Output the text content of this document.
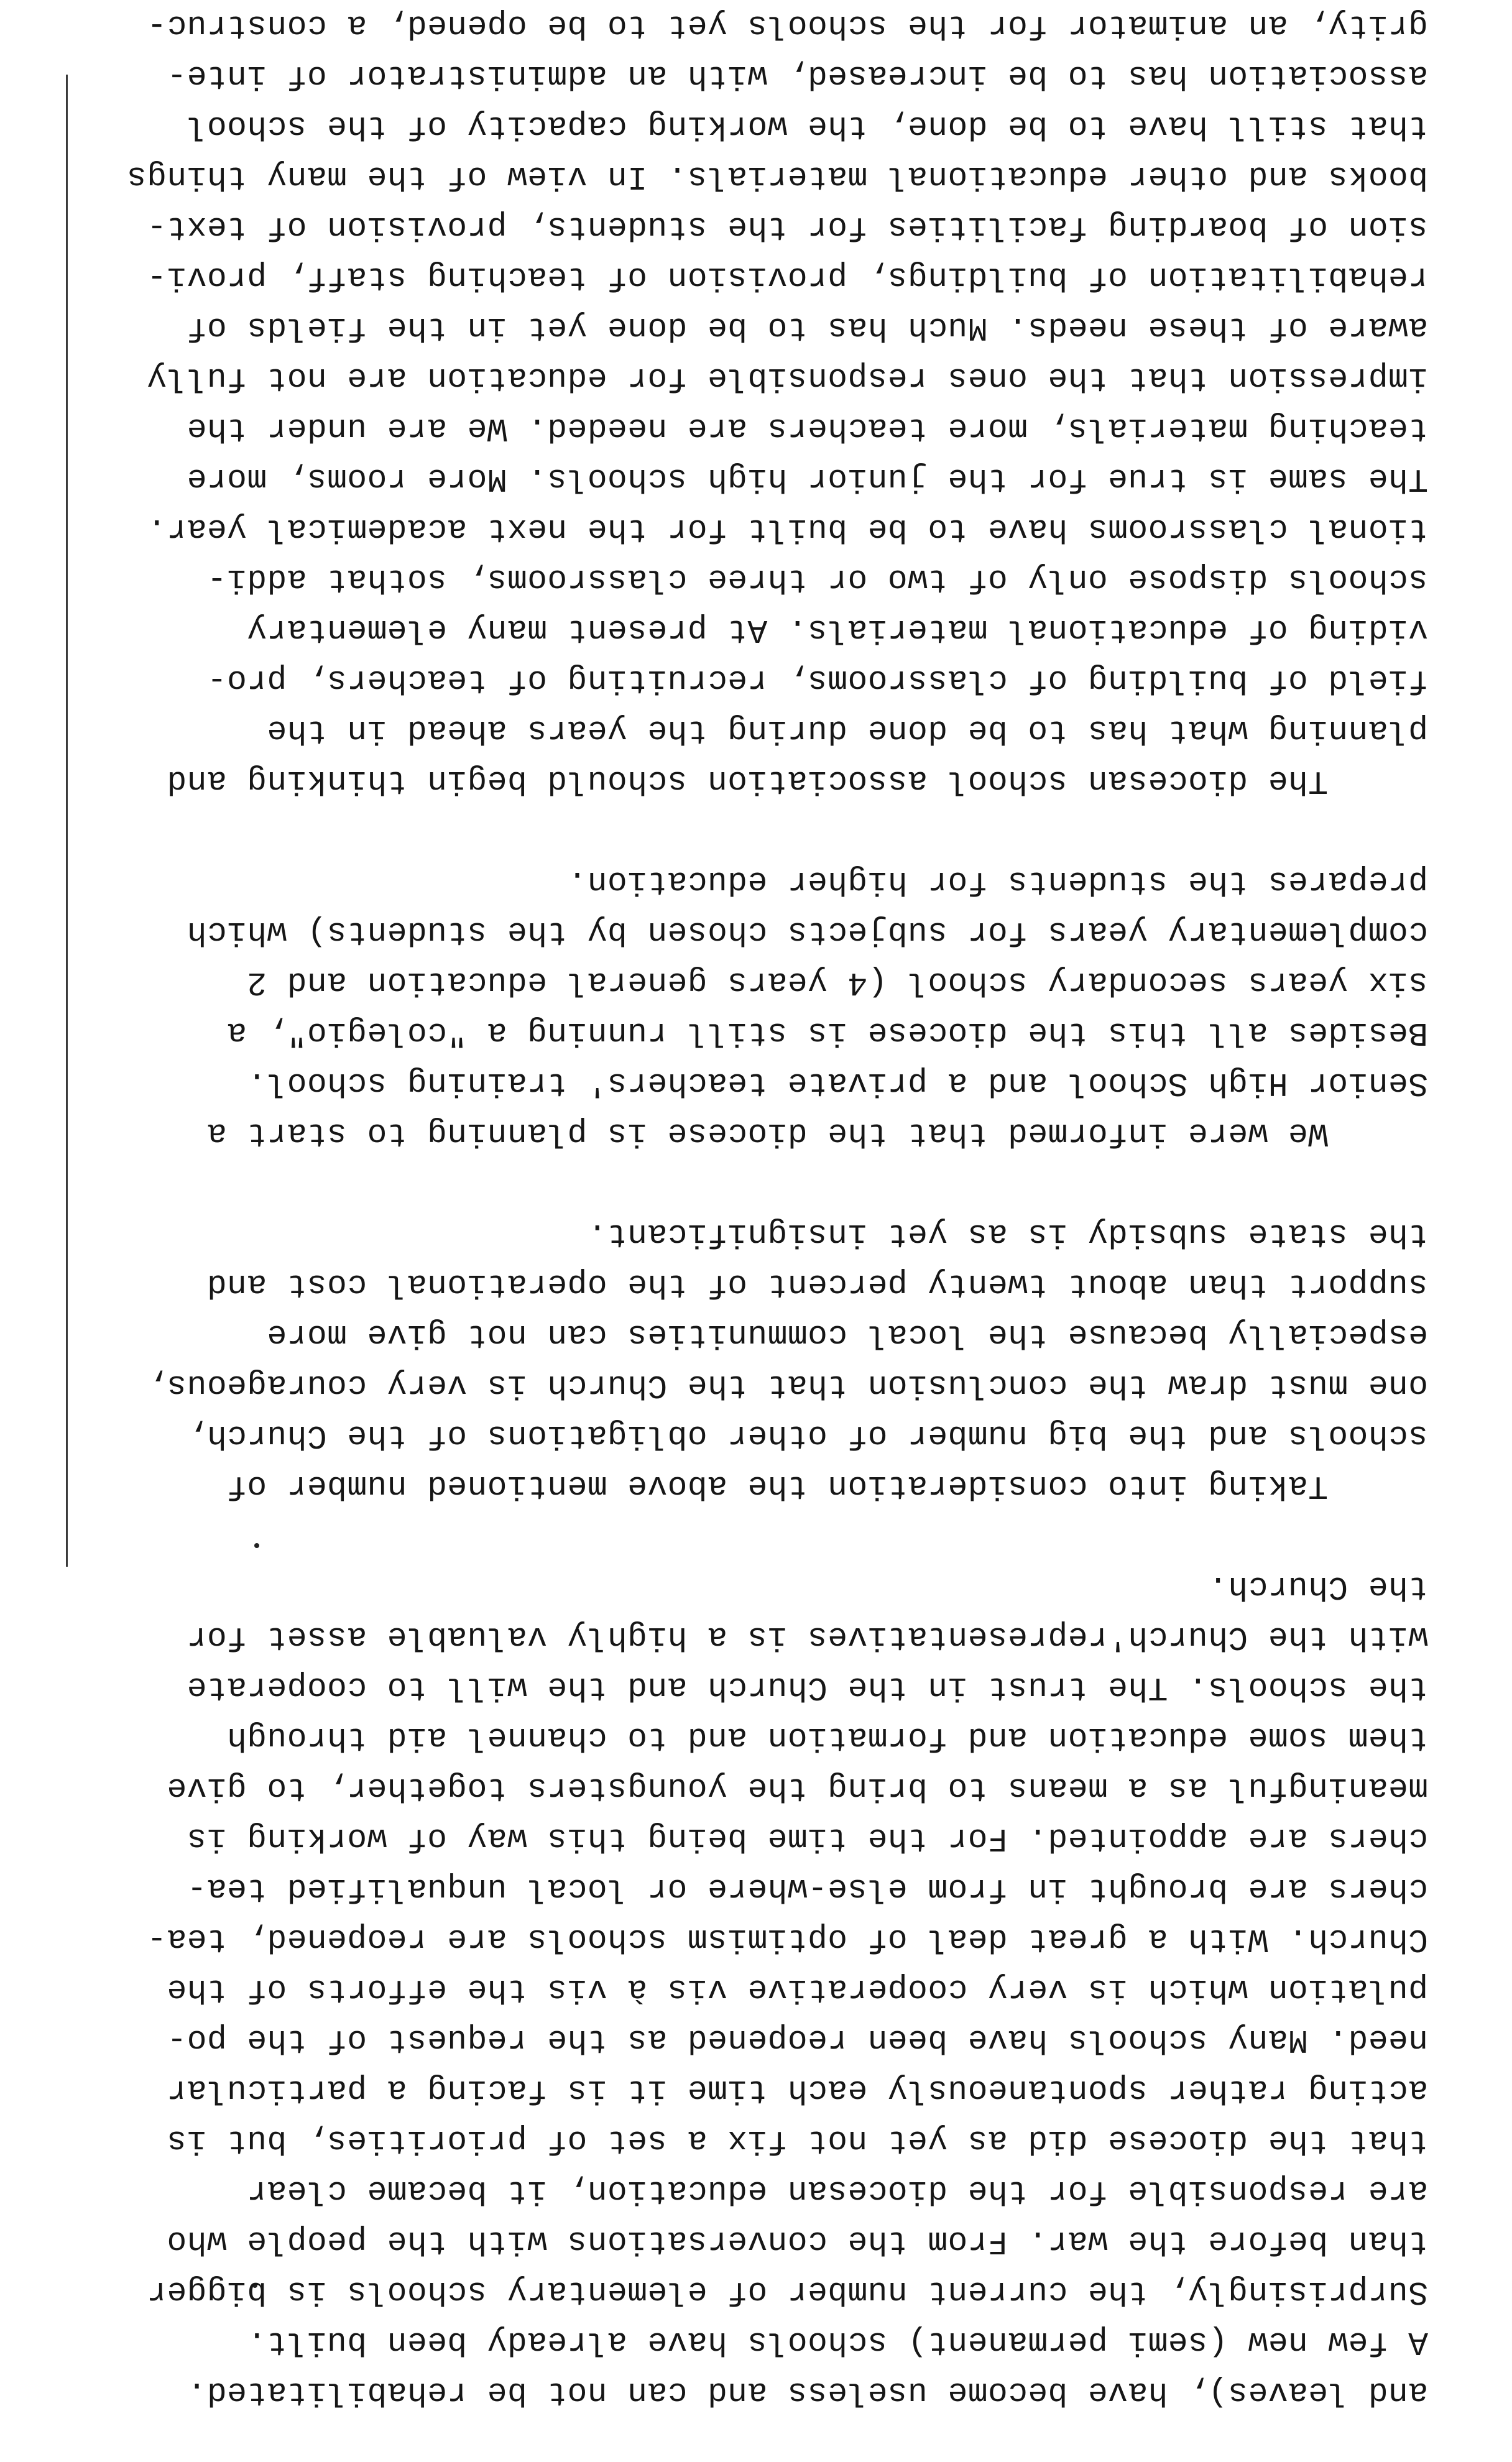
and leaves), have become useless and can not be rehabilitated.
A few new (semi permanent) schools have already been built.
Surprisingly, the current number of elementary schools is bigger
than before the war. From the conversations with the people who
are responsible for the diocesan education, it became clear
that the diocese did as yet not fix a set of priorities, but is
acting rather spontaneously each time it is facing a particular
need. Many schools have been reopened as the request of the po-
pulation which is very cooperative vis à vis the efforts of the
Church. With a great deal of optimism schools are reopened, tea-
chers are brought in from else-where or local unqualified tea-
chers are appointed. For the time being this way of working is
meaningful as a means to bring the youngsters together, to give
them some education and formation and to channel aid through
the schools. The trust in the Church and the will to cooperate
with the Church'representatives is a highly valuable asset for
the Church.
Taking into consideration the above mentioned number of
schools and the big number of other obligations of the Church,
one must draw the conclusion that the Church is very courageous,
especially because the local communities can not give more
support than about twenty percent of the operational cost and
the state subsidy is as yet insignificant.
We were informed that the diocese is planning to start a
Senior High School and a private teachers' training school.
Besides all this the diocese is still running a "colegio", a
six years secondary school (4 years general education and 2
complementary years for subjects chosen by the students) which
prepares the students for higher education.
The diocesan school association schould begin thinking and
planning what has to be done during the years ahead in the
field of building of classrooms, recruiting of teachers, pro-
viding of educational materials. At present many elementary
schools dispose only of two or three classrooms, sothat addi-
tional classrooms have to be built for the next academical year.
The same is true for the junior high schools. More rooms, more
teaching materials, more teachers are needed. We are under the
impression that the ones responsible for education are not fully
aware of these needs. Much has to be done yet in the fields of
rehabilitation of buildings, provision of teaching staff, provi-
sion of boarding facilities for the students, provision of text-
books and other educational materials. In view of the many things
that still have to be done, the working capacity of the school
association has to be increased, with an administrator of inte-
grity, an animator for the schools yet to be opened, a construc-
